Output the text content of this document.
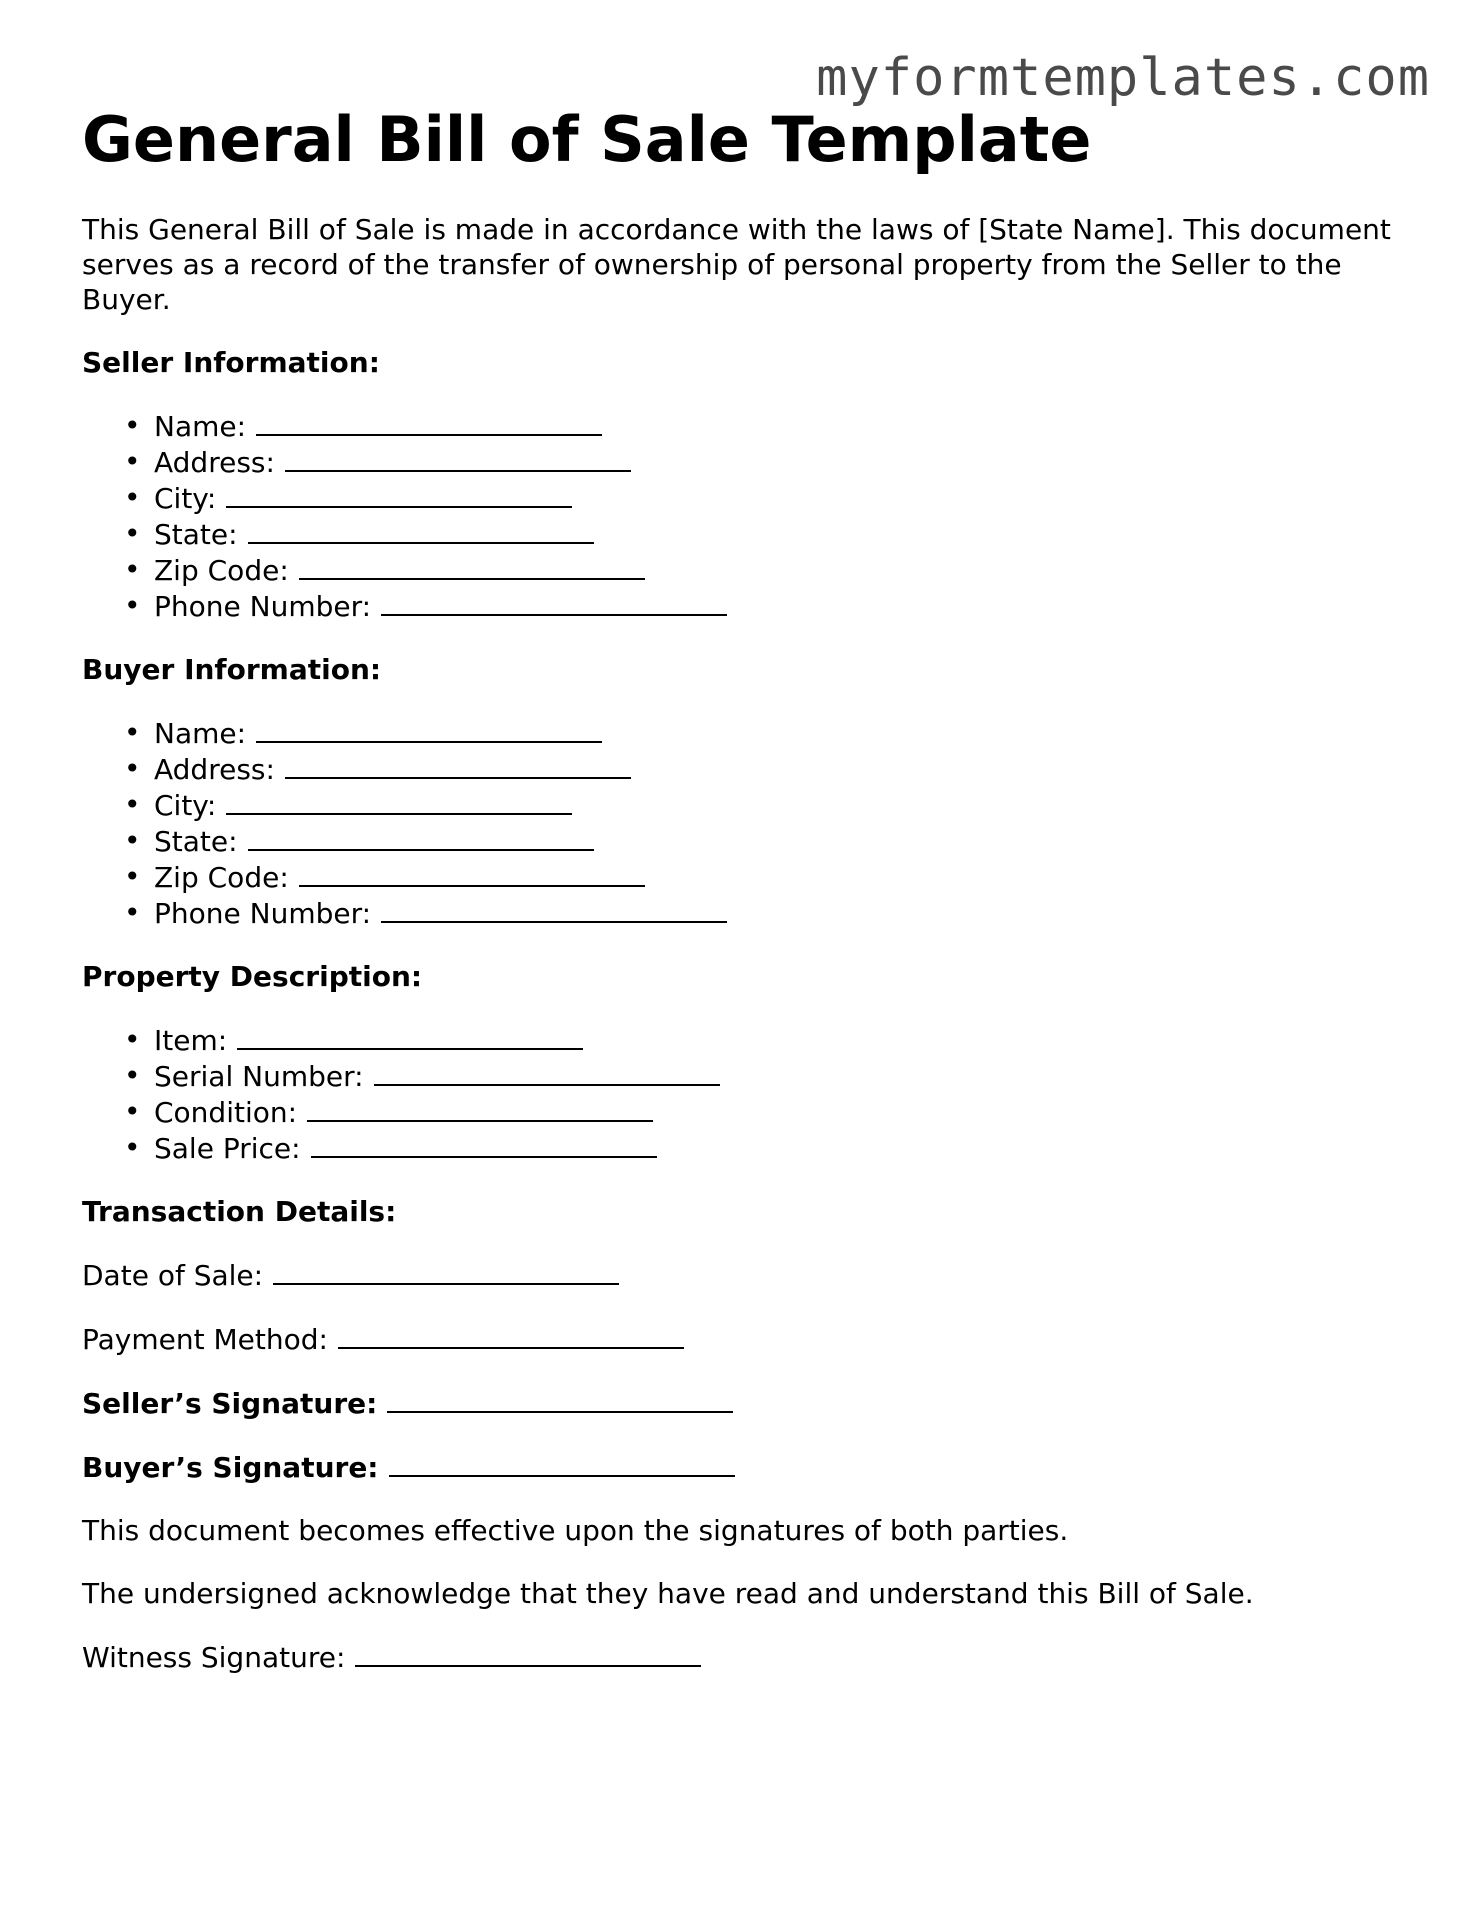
myformtemplates.com
General Bill of Sale Template

This General Bill of Sale is made in accordance with the laws of [State Name]. This document serves as a record of the transfer of ownership of personal property from the Seller to the Buyer.

Seller Information:

• Name:
• Address:
• City:
• State:
• Zip Code:
• Phone Number:

Buyer Information:

• Name:
• Address:
• City:
• State:
• Zip Code:
• Phone Number:

Property Description:

• Item:
• Serial Number:
• Condition:
• Sale Price:

Transaction Details:

Date of Sale:

Payment Method:

Seller’s Signature:

Buyer’s Signature:

This document becomes effective upon the signatures of both parties.

The undersigned acknowledge that they have read and understand this Bill of Sale.

Witness Signature:
